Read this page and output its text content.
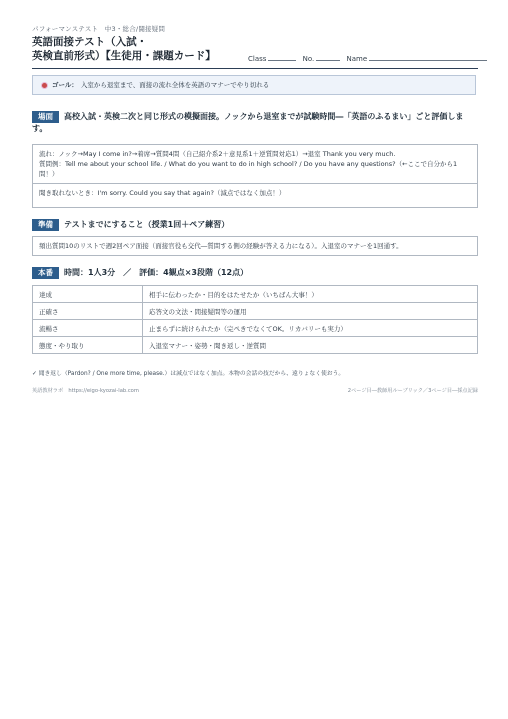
パフォーマンステスト　中3・総合/闘接疑問
英語面接テスト（入試・
英検直前形式）【生徒用・課題カード】	Class	No.	Name
ゴール： 入室から退室まで、面接の流れ全体を英語のマナーでやり切れる
場面 高校入試・英検二次と同じ形式の模擬面接。ノックから退室までが試験時間―「英語のふるまい」ごと評価します。
流れ：ノック→May I come in?→着席→質問4問（自己紹介系2＋意見系1＋逆質問対応1）→退室 Thank you very much.
質問例：Tell me about your school life. / What do you want to do in high school? / Do you have any questions?（←ここで自分から1問！）
聞き取れないとき：I'm sorry. Could you say that again?（減点ではなく加点！）
準備 テストまでにすること（授業1回＋ペア練習）
頻出質問10のリストで週2回ペア面接（面接官役も交代―質問する側の経験が答える力になる）。入退室のマナーを1回通す。
本番 時間：1人3分　／　評価：4観点×3段階（12点）
達成	相手に伝わったか・目的をはたせたか（いちばん大事！）
正確さ	応答文の文法・間接疑問等の運用
流暢さ	止まらずに続けられたか（完ぺきでなくてOK。リカバリーも実力）
態度・やり取り	入退室マナー・姿勢・聞き返し・逆質問
✓ 聞き返し（Pardon? / One more time, please.）は減点ではなく加点。本物の会話の技だから、遠りょなく使おう。
英語教材ラボ　https://eigo-kyozai-lab.com	2ページ目―教師用ルーブリック／3ページ目―採点記録
